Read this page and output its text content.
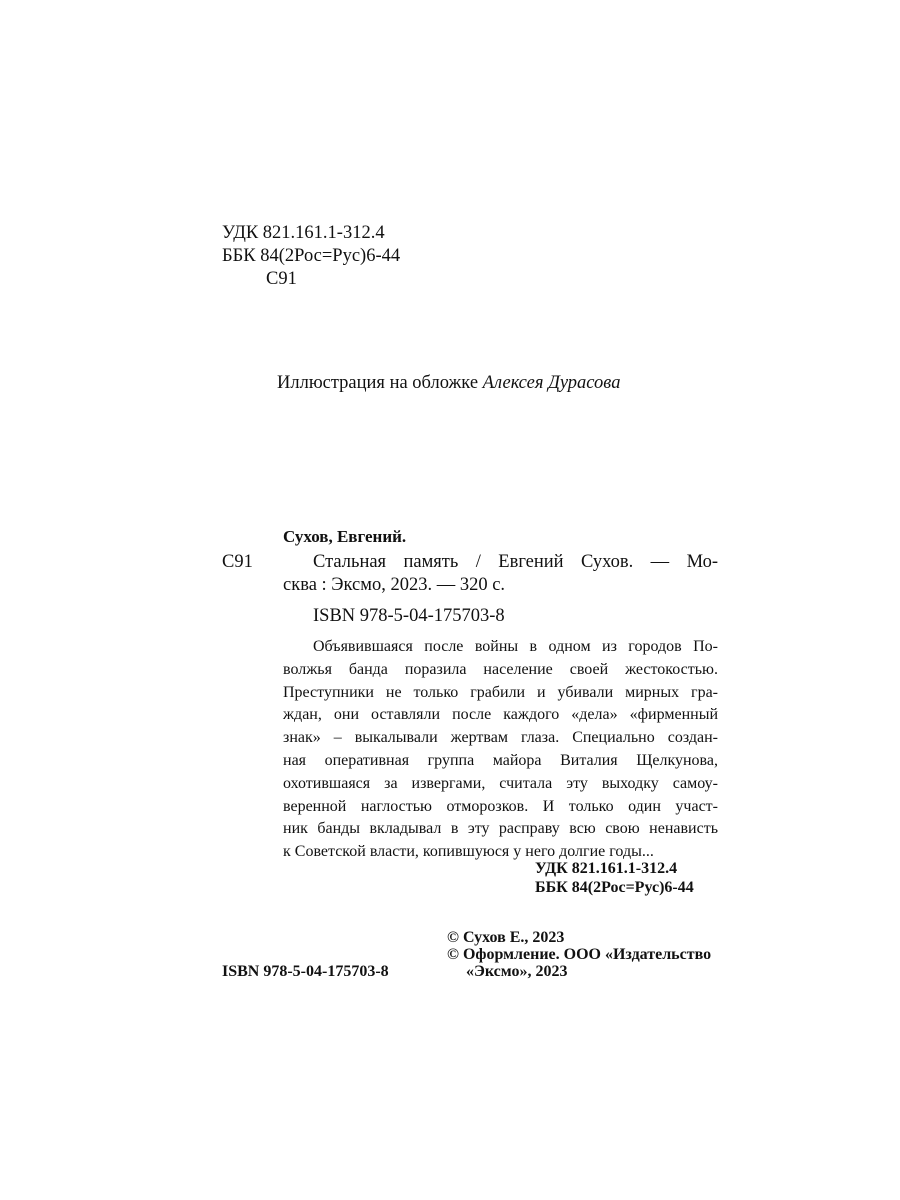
УДК 821.161.1-312.4
ББК 84(2Рос=Рус)6-44
С91
Иллюстрация на обложке Алексея Дурасова
Сухов, Евгений.
С91	Стальная память / Евгений Сухов. — Мо-
сква : Эксмо, 2023. — 320 с.
ISBN 978-5-04-175703-8
Объявившаяся после войны в одном из городов По-
волжья банда поразила население своей жестокостью.
Преступники не только грабили и убивали мирных гра-
ждан, они оставляли после каждого «дела» «фирменный
знак» – выкалывали жертвам глаза. Специально создан-
ная оперативная группа майора Виталия Щелкунова,
охотившаяся за извергами, считала эту выходку самоу-
веренной наглостью отморозков. И только один участ-
ник банды вкладывал в эту расправу всю свою ненависть
к Советской власти, копившуюся у него долгие годы...
УДК 821.161.1-312.4
ББК 84(2Рос=Рус)6-44
© Сухов Е., 2023
© Оформление. ООО «Издательство
«Эксмо», 2023
ISBN 978-5-04-175703-8
